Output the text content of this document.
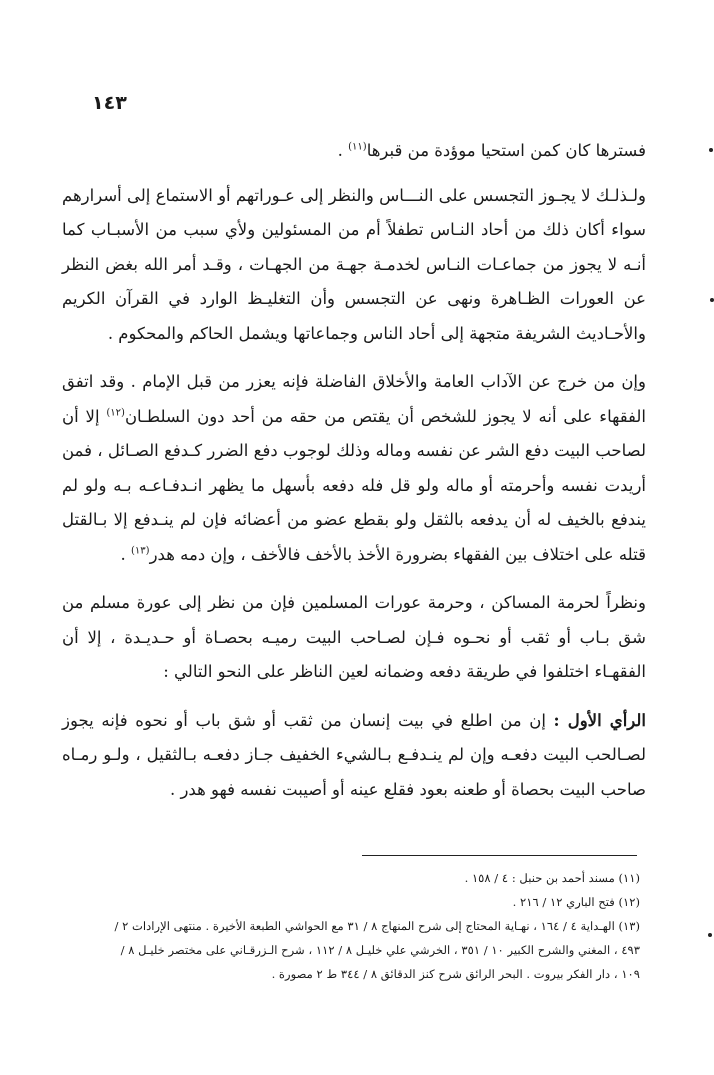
١٤٣

فسترها كان كمن استحيا موؤدة من قبرها$^{(١١)}$ .

ولـذلـك لا يجـوز التجسس على النـــاس والنظر إلى عـوراتهم أو الاستماع إلى أسرارهم سواء أكان ذلك من أحاد النـاس تطفلاً أم من المسئولين ولأي سبب من الأسبـاب كما أنـه لا يجوز من جماعـات النـاس لخدمـة جهـة من الجهـات ، وقـد أمر الله بغض النظر عن العورات الظـاهرة ونهى عن التجسس وأن التغليـظ الوارد في القرآن الكريم والأحـاديث الشريفة متجهة إلى أحاد الناس وجماعاتها ويشمل الحاكم والمحكوم .

وإن من خرج عن الآداب العامة والأخلاق الفاضلة فإنه يعزر من قبل الإمام . وقد اتفق الفقهاء على أنه لا يجوز للشخص أن يقتص من حقه من أحد دون السلطـان$^{(١٢)}$ إلا أن لصاحب البيت دفع الشر عن نفسه وماله وذلك لوجوب دفع الضرر كـدفع الصـائل ، فمن أريدت نفسه وأحرمته أو ماله ولو قل فله دفعه بأسهل ما يظهر انـدفـاعـه بـه ولو لم يندفع بالخيف له أن يدفعه بالثقل ولو بقطع عضو من أعضائه فإن لم ينـدفع إلا بـالقتل قتله على اختلاف بين الفقهاء بضرورة الأخذ بالأخف فالأخف ، وإن دمه هدر$^{(١٣)}$ .

ونظراً لحرمة المساكن ، وحرمة عورات المسلمين فإن من نظر إلى عورة مسلم من شق بـاب أو ثقب أو نحـوه فـإن لصـاحب البيت رميـه بحصـاة أو حـديـدة ، إلا أن الفقهـاء اختلفوا في طريقة دفعه وضمانه لعين الناظر على النحو التالي :

الرأي الأول : إن من اطلع في بيت إنسان من ثقب أو شق باب أو نحوه فإنه يجوز لصـالحب البيت دفعـه وإن لم ينـدفـع بـالشيء الخفيف جـاز دفعـه بـالثقيل ، ولـو رمـاه صاحب البيت بحصاة أو طعنه بعود فقلع عينه أو أصيبت نفسه فهو هدر .

(١١) مسند أحمد بن حنبل : ٤ / ١٥٨ .
(١٢) فتح الباري ١٢ / ٢١٦ .
(١٣) الهـداية ٤ / ١٦٤ ، نهـاية المحتاج إلى شرح المنهاج ٨ / ٣١ مع الحواشي الطبعة الأخيرة . منتهى الإرادات ٢ /
٤٩٣ ، المغني والشرح الكبير ١٠ / ٣٥١ ، الخرشي علي خليـل ٨ / ١١٢ ، شرح الـزرقـاني على مختصر خليـل ٨ /
١٠٩ ، دار الفكر بيروت . البحر الرائق شرح كنز الدقائق ٨ / ٣٤٤ ط ٢ مصورة .
